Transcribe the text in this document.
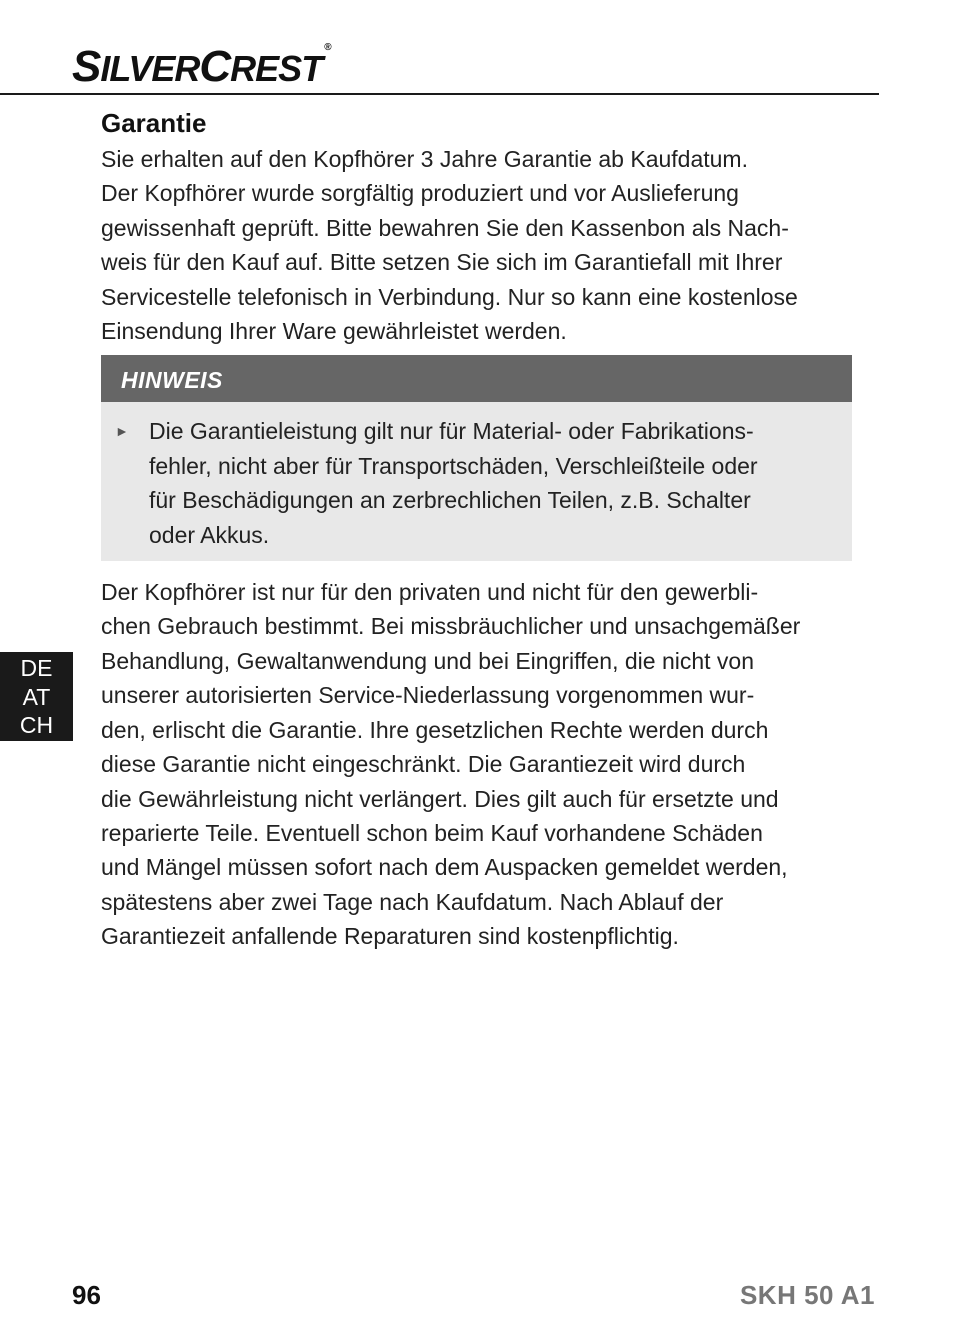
SILVERCREST®
Garantie

Sie erhalten auf den Kopfhörer 3 Jahre Garantie ab Kaufdatum.
Der Kopfhörer wurde sorgfältig produziert und vor Auslieferung
gewissenhaft geprüft. Bitte bewahren Sie den Kassenbon als Nach-
weis für den Kauf auf. Bitte setzen Sie sich im Garantiefall mit Ihrer
Servicestelle telefonisch in Verbindung. Nur so kann eine kostenlose
Einsendung Ihrer Ware gewährleistet werden.

HINWEIS
► Die Garantieleistung gilt nur für Material- oder Fabrikations-
fehler, nicht aber für Transportschäden, Verschleißteile oder
für Beschädigungen an zerbrechlichen Teilen, z.B. Schalter
oder Akkus.

Der Kopfhörer ist nur für den privaten und nicht für den gewerbli-
chen Gebrauch bestimmt. Bei missbräuchlicher und unsachgemäßer
Behandlung, Gewaltanwendung und bei Eingriffen, die nicht von
unserer autorisierten Service-Niederlassung vorgenommen wur-
den, erlischt die Garantie. Ihre gesetzlichen Rechte werden durch
diese Garantie nicht eingeschränkt. Die Garantiezeit wird durch
die Gewährleistung nicht verlängert. Dies gilt auch für ersetzte und
reparierte Teile. Eventuell schon beim Kauf vorhandene Schäden
und Mängel müssen sofort nach dem Auspacken gemeldet werden,
spätestens aber zwei Tage nach Kaufdatum. Nach Ablauf der
Garantiezeit anfallende Reparaturen sind kostenpflichtig.

DE
AT
CH
96	SKH 50 A1
